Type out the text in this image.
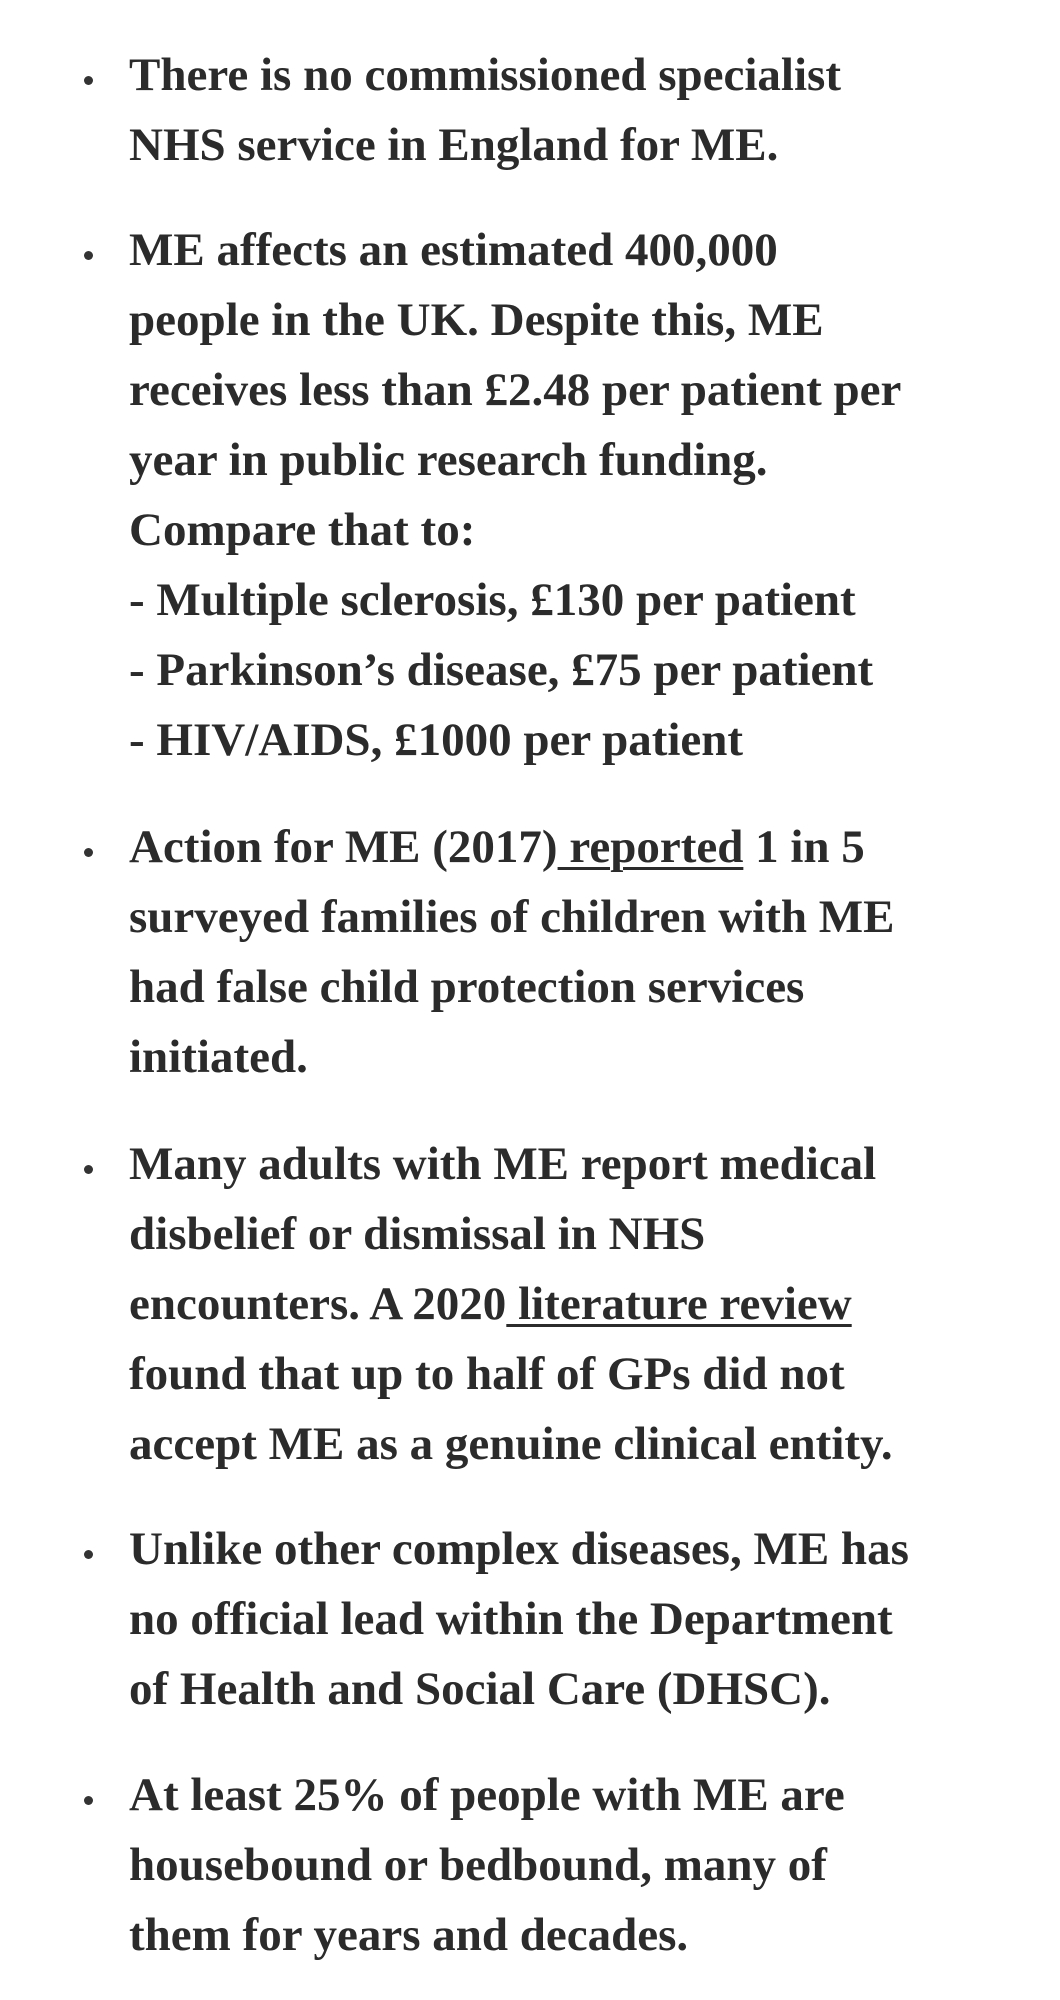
There is no commissioned specialist
NHS service in England for ME.
ME affects an estimated 400,000
people in the UK. Despite this, ME
receives less than £2.48 per patient per
year in public research funding.
Compare that to:
- Multiple sclerosis, £130 per patient
- Parkinson’s disease, £75 per patient
- HIV/AIDS, £1000 per patient
Action for ME (2017) reported 1 in 5
surveyed families of children with ME
had false child protection services
initiated.
Many adults with ME report medical
disbelief or dismissal in NHS
encounters. A 2020 literature review
found that up to half of GPs did not
accept ME as a genuine clinical entity.
Unlike other complex diseases, ME has
no official lead within the Department
of Health and Social Care (DHSC).
At least 25% of people with ME are
housebound or bedbound, many of
them for years and decades.
